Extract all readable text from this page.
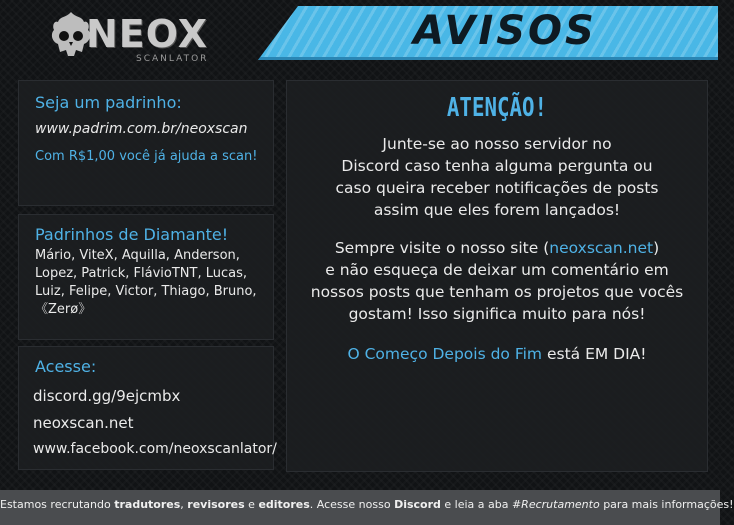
NEOX
SCANLATOR
AVISOS
Seja um padrinho:
www.padrim.com.br/neoxscan
Com R$1,00 você já ajuda a scan!
Padrinhos de Diamante!
Mário, ViteX, Aquilla, Anderson, Lopez, Patrick, FlávioTNT, Lucas, Luiz, Felipe, Victor, Thiago, Bruno, 《Zerø》
Acesse:
discord.gg/9ejcmbx
neoxscan.net
www.facebook.com/neoxscanlator/
ATENÇÃO!
Junte-se ao nosso servidor no
Discord caso tenha alguma pergunta ou
caso queira receber notificações de posts
assim que eles forem lançados!
Sempre visite o nosso site (neoxscan.net)
e não esqueça de deixar um comentário em
nossos posts que tenham os projetos que vocês
gostam! Isso significa muito para nós!
O Começo Depois do Fim está EM DIA!
Estamos recrutando tradutores, revisores e editores. Acesse nosso Discord e leia a aba #Recrutamento para mais informações!
